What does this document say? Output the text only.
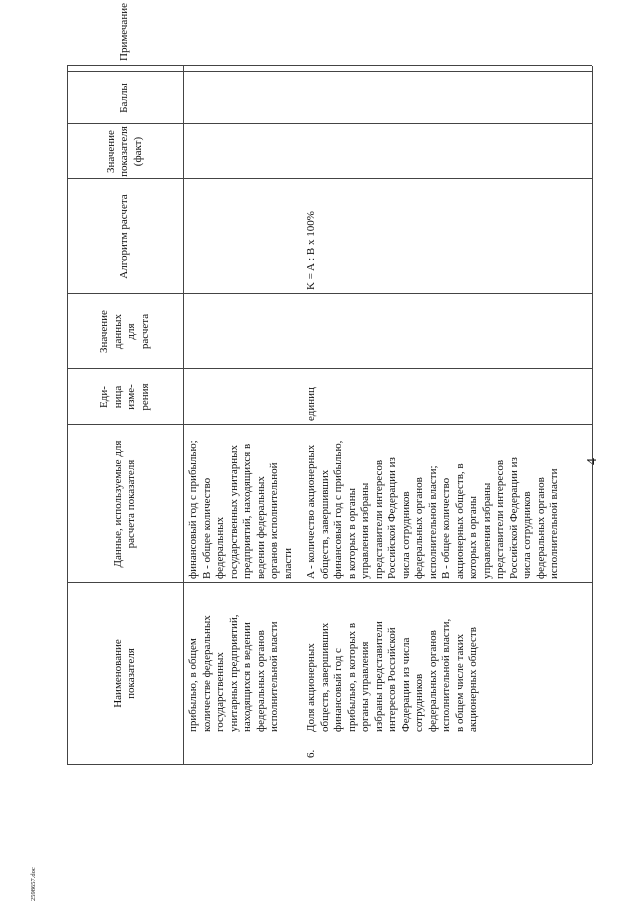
4
2598657.doc
Наименование показателя
Данные, используемые для расчета показателя
Еди- ница изме- рения
Значение данных для расчета
Алгоритм расчета
Значение показателя (факт)
Баллы
Примечание
прибылью, в общем количестве федеральных государственных унитарных предприятий, находящихся в ведении федеральных органов исполнительной власти
финансовый год с прибылью; B - общее количество федеральных государственных унитарных предприятий, находящихся в ведении федеральных органов исполнительной власти
6.
Доля акционерных обществ, завершивших финансовый год с прибылью, в которых в органы управления избраны представители интересов Российской Федерации из числа сотрудников федеральных органов исполнительной власти, в общем числе таких акционерных обществ
A - количество акционерных обществ, завершивших финансовый год с прибылью, в которых в органы управления избраны представители интересов Российской Федерации из числа сотрудников федеральных органов исполнительной власти; B - общее количество акционерных обществ, в которых в органы управления избраны представители интересов Российской Федерации из числа сотрудников федеральных органов исполнительной власти
единиц
K = A : B x 100%
